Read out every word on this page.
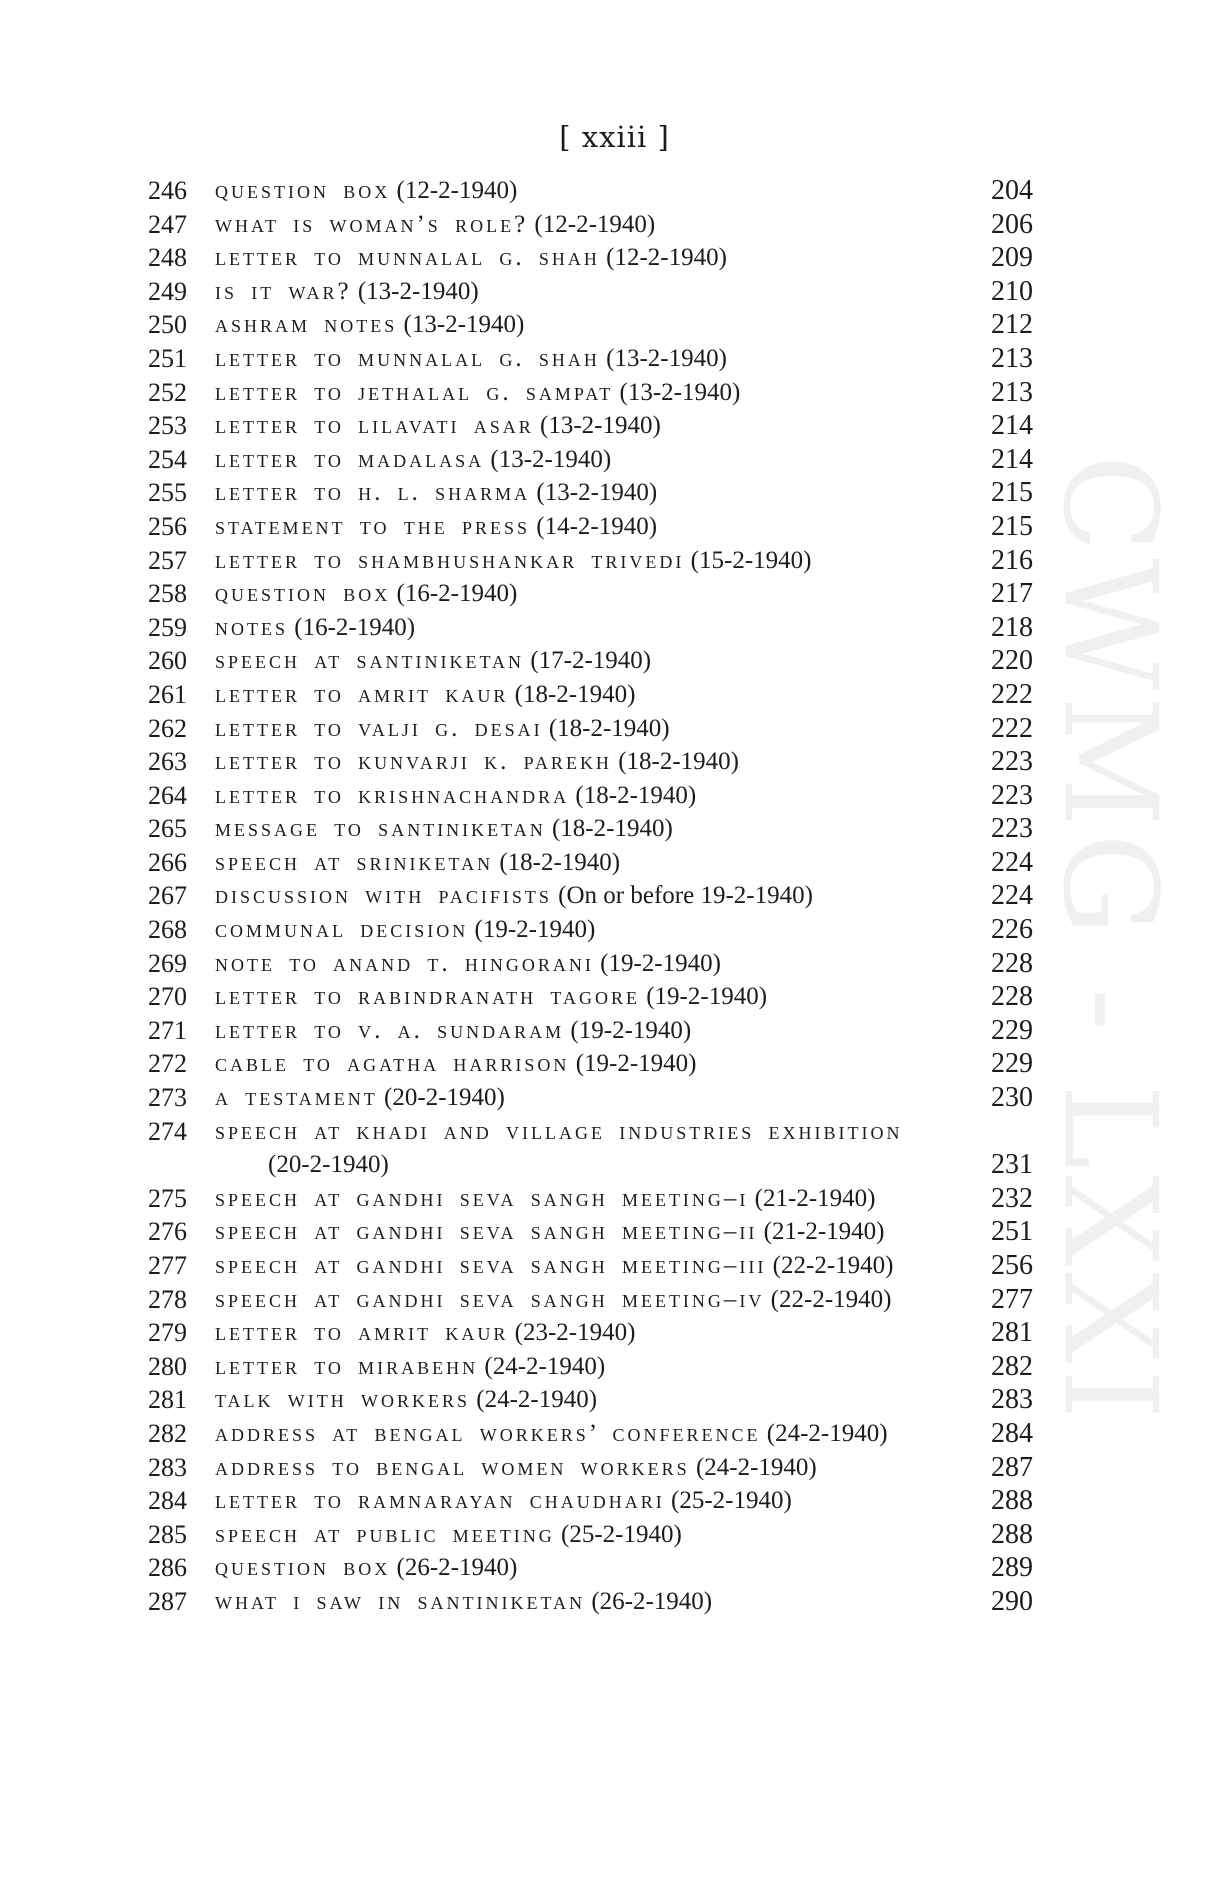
CWMG - LXXI
[ xxiii ]
246	question box (12-2-1940)	204
247	what is woman’s role? (12-2-1940)	206
248	letter to munnalal g. shah (12-2-1940)	209
249	is it war? (13-2-1940)	210
250	ashram notes (13-2-1940)	212
251	letter to munnalal g. shah (13-2-1940)	213
252	letter to jethalal g. sampat (13-2-1940)	213
253	letter to lilavati asar (13-2-1940)	214
254	letter to madalasa (13-2-1940)	214
255	letter to h. l. sharma (13-2-1940)	215
256	statement to the press (14-2-1940)	215
257	letter to shambhushankar trivedi (15-2-1940)	216
258	question box (16-2-1940)	217
259	notes (16-2-1940)	218
260	speech at santiniketan (17-2-1940)	220
261	letter to amrit kaur (18-2-1940)	222
262	letter to valji g. desai (18-2-1940)	222
263	letter to kunvarji k. parekh (18-2-1940)	223
264	letter to krishnachandra (18-2-1940)	223
265	message to santiniketan (18-2-1940)	223
266	speech at sriniketan (18-2-1940)	224
267	discussion with pacifists (On or before 19-2-1940)	224
268	communal decision (19-2-1940)	226
269	note to anand t. hingorani (19-2-1940)	228
270	letter to rabindranath tagore (19-2-1940)	228
271	letter to v. a. sundaram (19-2-1940)	229
272	cable to agatha harrison (19-2-1940)	229
273	a testament (20-2-1940)	230
274	speech at khadi and village industries exhibition
(20-2-1940)	231
275	speech at gandhi seva sangh meeting–i (21-2-1940)	232
276	speech at gandhi seva sangh meeting–ii (21-2-1940)	251
277	speech at gandhi seva sangh meeting–iii (22-2-1940)	256
278	speech at gandhi seva sangh meeting–iv (22-2-1940)	277
279	letter to amrit kaur (23-2-1940)	281
280	letter to mirabehn (24-2-1940)	282
281	talk with workers (24-2-1940)	283
282	address at bengal workers’ conference (24-2-1940)	284
283	address to bengal women workers (24-2-1940)	287
284	letter to ramnarayan chaudhari (25-2-1940)	288
285	speech at public meeting (25-2-1940)	288
286	question box (26-2-1940)	289
287	what i saw in santiniketan (26-2-1940)	290
